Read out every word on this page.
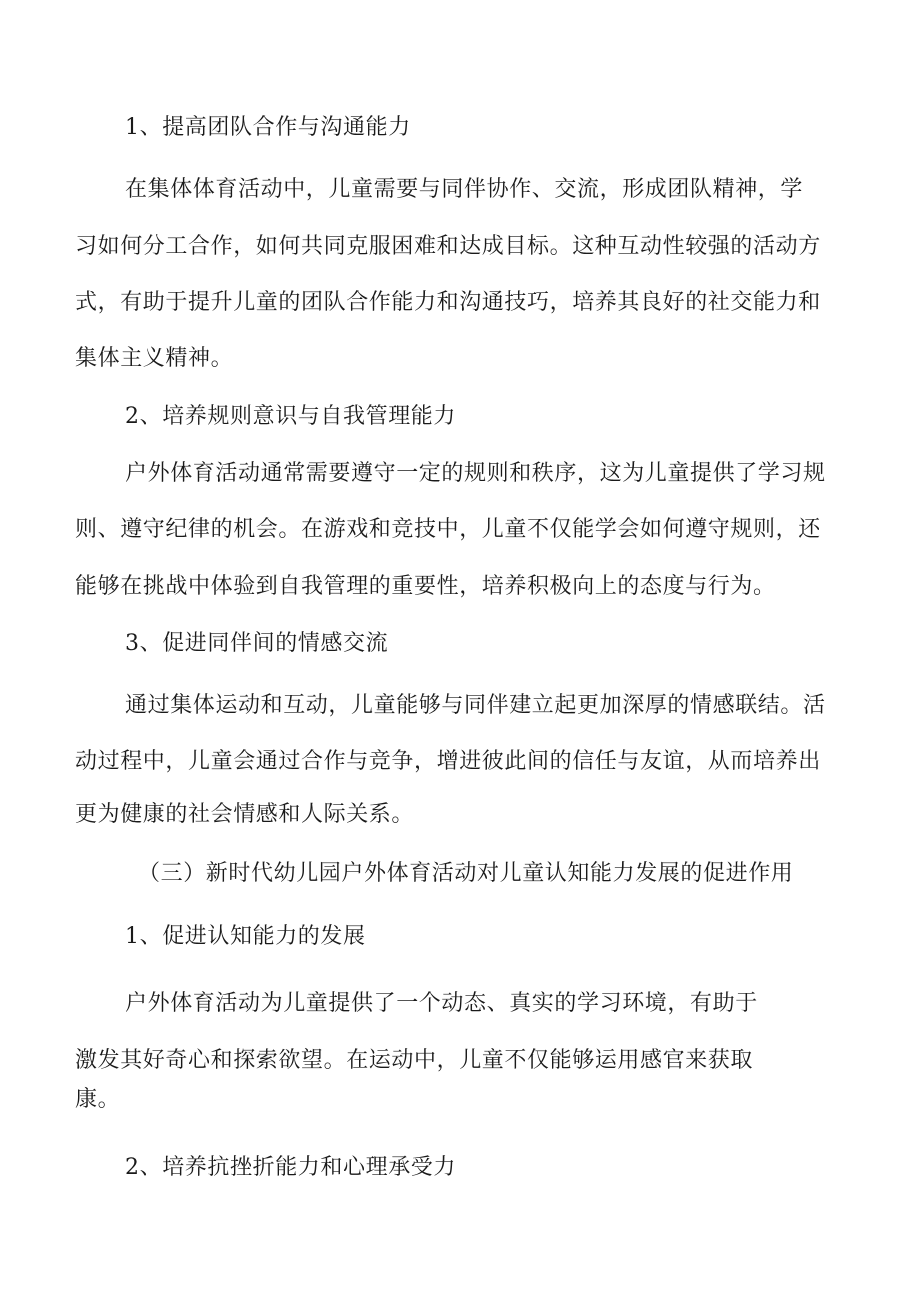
1、提高团队合作与沟通能力
在集体体育活动中，儿童需要与同伴协作、交流，形成团队精神，学
习如何分工合作，如何共同克服困难和达成目标。这种互动性较强的活动方
式，有助于提升儿童的团队合作能力和沟通技巧，培养其良好的社交能力和
集体主义精神。
2、培养规则意识与自我管理能力
户外体育活动通常需要遵守一定的规则和秩序，这为儿童提供了学习规
则、遵守纪律的机会。在游戏和竞技中，儿童不仅能学会如何遵守规则，还
能够在挑战中体验到自我管理的重要性，培养积极向上的态度与行为。
3、促进同伴间的情感交流
通过集体运动和互动，儿童能够与同伴建立起更加深厚的情感联结。活
动过程中，儿童会通过合作与竞争，增进彼此间的信任与友谊，从而培养出
更为健康的社会情感和人际关系。
（三）新时代幼儿园户外体育活动对儿童认知能力发展的促进作用
1、促进认知能力的发展
户外体育活动为儿童提供了一个动态、真实的学习环境，有助于
激发其好奇心和探索欲望。在运动中，儿童不仅能够运用感官来获取
康。
2、培养抗挫折能力和心理承受力
